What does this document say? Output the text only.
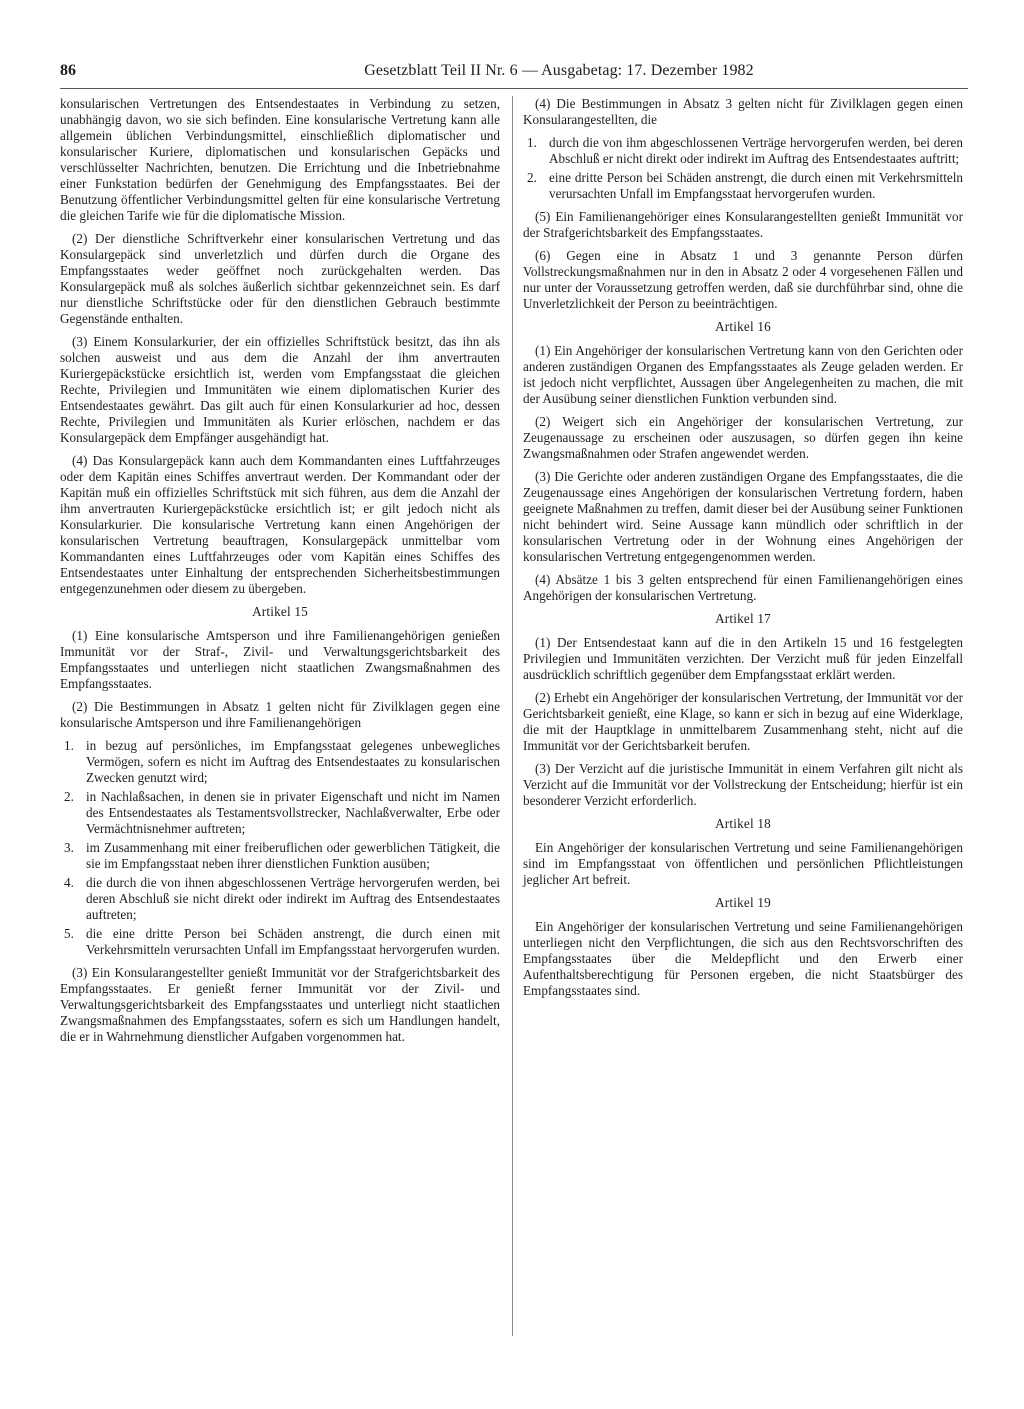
86	Gesetzblatt Teil II Nr. 6 — Ausgabetag: 17. Dezember 1982

konsularischen Vertretungen des Entsendestaates in Verbindung zu setzen, unabhängig davon, wo sie sich befinden. Eine konsularische Vertretung kann alle allgemein üblichen Verbindungsmittel, einschließlich diplomatischer und konsularischer Kuriere, diplomatischen und konsularischen Gepäcks und verschlüsselter Nachrichten, benutzen. Die Errichtung und die Inbetriebnahme einer Funkstation bedürfen der Genehmigung des Empfangsstaates. Bei der Benutzung öffentlicher Verbindungsmittel gelten für eine konsularische Vertretung die gleichen Tarife wie für die diplomatische Mission.

(2) Der dienstliche Schriftverkehr einer konsularischen Vertretung und das Konsulargepäck sind unverletzlich und dürfen durch die Organe des Empfangsstaates weder geöffnet noch zurückgehalten werden. Das Konsulargepäck muß als solches äußerlich sichtbar gekennzeichnet sein. Es darf nur dienstliche Schriftstücke oder für den dienstlichen Gebrauch bestimmte Gegenstände enthalten.

(3) Einem Konsularkurier, der ein offizielles Schriftstück besitzt, das ihn als solchen ausweist und aus dem die Anzahl der ihm anvertrauten Kuriergepäckstücke ersichtlich ist, werden vom Empfangsstaat die gleichen Rechte, Privilegien und Immunitäten wie einem diplomatischen Kurier des Entsendestaates gewährt. Das gilt auch für einen Konsularkurier ad hoc, dessen Rechte, Privilegien und Immunitäten als Kurier erlöschen, nachdem er das Konsulargepäck dem Empfänger ausgehändigt hat.

(4) Das Konsulargepäck kann auch dem Kommandanten eines Luftfahrzeuges oder dem Kapitän eines Schiffes anvertraut werden. Der Kommandant oder der Kapitän muß ein offizielles Schriftstück mit sich führen, aus dem die Anzahl der ihm anvertrauten Kuriergepäckstücke ersichtlich ist; er gilt jedoch nicht als Konsularkurier. Die konsularische Vertretung kann einen Angehörigen der konsularischen Vertretung beauftragen, Konsulargepäck unmittelbar vom Kommandanten eines Luftfahrzeuges oder vom Kapitän eines Schiffes des Entsendestaates unter Einhaltung der entsprechenden Sicherheitsbestimmungen entgegenzunehmen oder diesem zu übergeben.

Artikel 15

(1) Eine konsularische Amtsperson und ihre Familienangehörigen genießen Immunität vor der Straf-, Zivil- und Verwaltungsgerichtsbarkeit des Empfangsstaates und unterliegen nicht staatlichen Zwangsmaßnahmen des Empfangsstaates.

(2) Die Bestimmungen in Absatz 1 gelten nicht für Zivilklagen gegen eine konsularische Amtsperson und ihre Familienangehörigen

1. in bezug auf persönliches, im Empfangsstaat gelegenes unbewegliches Vermögen, sofern es nicht im Auftrag des Entsendestaates zu konsularischen Zwecken genutzt wird;
2. in Nachlaßsachen, in denen sie in privater Eigenschaft und nicht im Namen des Entsendestaates als Testamentsvollstrecker, Nachlaßverwalter, Erbe oder Vermächtnisnehmer auftreten;
3. im Zusammenhang mit einer freiberuflichen oder gewerblichen Tätigkeit, die sie im Empfangsstaat neben ihrer dienstlichen Funktion ausüben;
4. die durch die von ihnen abgeschlossenen Verträge hervorgerufen werden, bei deren Abschluß sie nicht direkt oder indirekt im Auftrag des Entsendestaates auftreten;
5. die eine dritte Person bei Schäden anstrengt, die durch einen mit Verkehrsmitteln verursachten Unfall im Empfangsstaat hervorgerufen wurden.

(3) Ein Konsularangestellter genießt Immunität vor der Strafgerichtsbarkeit des Empfangsstaates. Er genießt ferner Immunität vor der Zivil- und Verwaltungsgerichtsbarkeit des Empfangsstaates und unterliegt nicht staatlichen Zwangsmaßnahmen des Empfangsstaates, sofern es sich um Handlungen handelt, die er in Wahrnehmung dienstlicher Aufgaben vorgenommen hat.

(4) Die Bestimmungen in Absatz 3 gelten nicht für Zivilklagen gegen einen Konsularangestellten, die

1. durch die von ihm abgeschlossenen Verträge hervorgerufen werden, bei deren Abschluß er nicht direkt oder indirekt im Auftrag des Entsendestaates auftritt;
2. eine dritte Person bei Schäden anstrengt, die durch einen mit Verkehrsmitteln verursachten Unfall im Empfangsstaat hervorgerufen wurden.

(5) Ein Familienangehöriger eines Konsularangestellten genießt Immunität vor der Strafgerichtsbarkeit des Empfangsstaates.

(6) Gegen eine in Absatz 1 und 3 genannte Person dürfen Vollstreckungsmaßnahmen nur in den in Absatz 2 oder 4 vorgesehenen Fällen und nur unter der Voraussetzung getroffen werden, daß sie durchführbar sind, ohne die Unverletzlichkeit der Person zu beeinträchtigen.

Artikel 16

(1) Ein Angehöriger der konsularischen Vertretung kann von den Gerichten oder anderen zuständigen Organen des Empfangsstaates als Zeuge geladen werden. Er ist jedoch nicht verpflichtet, Aussagen über Angelegenheiten zu machen, die mit der Ausübung seiner dienstlichen Funktion verbunden sind.

(2) Weigert sich ein Angehöriger der konsularischen Vertretung, zur Zeugenaussage zu erscheinen oder auszusagen, so dürfen gegen ihn keine Zwangsmaßnahmen oder Strafen angewendet werden.

(3) Die Gerichte oder anderen zuständigen Organe des Empfangsstaates, die die Zeugenaussage eines Angehörigen der konsularischen Vertretung fordern, haben geeignete Maßnahmen zu treffen, damit dieser bei der Ausübung seiner Funktionen nicht behindert wird. Seine Aussage kann mündlich oder schriftlich in der konsularischen Vertretung oder in der Wohnung eines Angehörigen der konsularischen Vertretung entgegengenommen werden.

(4) Absätze 1 bis 3 gelten entsprechend für einen Familienangehörigen eines Angehörigen der konsularischen Vertretung.

Artikel 17

(1) Der Entsendestaat kann auf die in den Artikeln 15 und 16 festgelegten Privilegien und Immunitäten verzichten. Der Verzicht muß für jeden Einzelfall ausdrücklich schriftlich gegenüber dem Empfangsstaat erklärt werden.

(2) Erhebt ein Angehöriger der konsularischen Vertretung, der Immunität vor der Gerichtsbarkeit genießt, eine Klage, so kann er sich in bezug auf eine Widerklage, die mit der Hauptklage in unmittelbarem Zusammenhang steht, nicht auf die Immunität vor der Gerichtsbarkeit berufen.

(3) Der Verzicht auf die juristische Immunität in einem Verfahren gilt nicht als Verzicht auf die Immunität vor der Vollstreckung der Entscheidung; hierfür ist ein besonderer Verzicht erforderlich.

Artikel 18

Ein Angehöriger der konsularischen Vertretung und seine Familienangehörigen sind im Empfangsstaat von öffentlichen und persönlichen Pflichtleistungen jeglicher Art befreit.

Artikel 19

Ein Angehöriger der konsularischen Vertretung und seine Familienangehörigen unterliegen nicht den Verpflichtungen, die sich aus den Rechtsvorschriften des Empfangsstaates über die Meldepflicht und den Erwerb einer Aufenthaltsberechtigung für Personen ergeben, die nicht Staatsbürger des Empfangsstaates sind.
